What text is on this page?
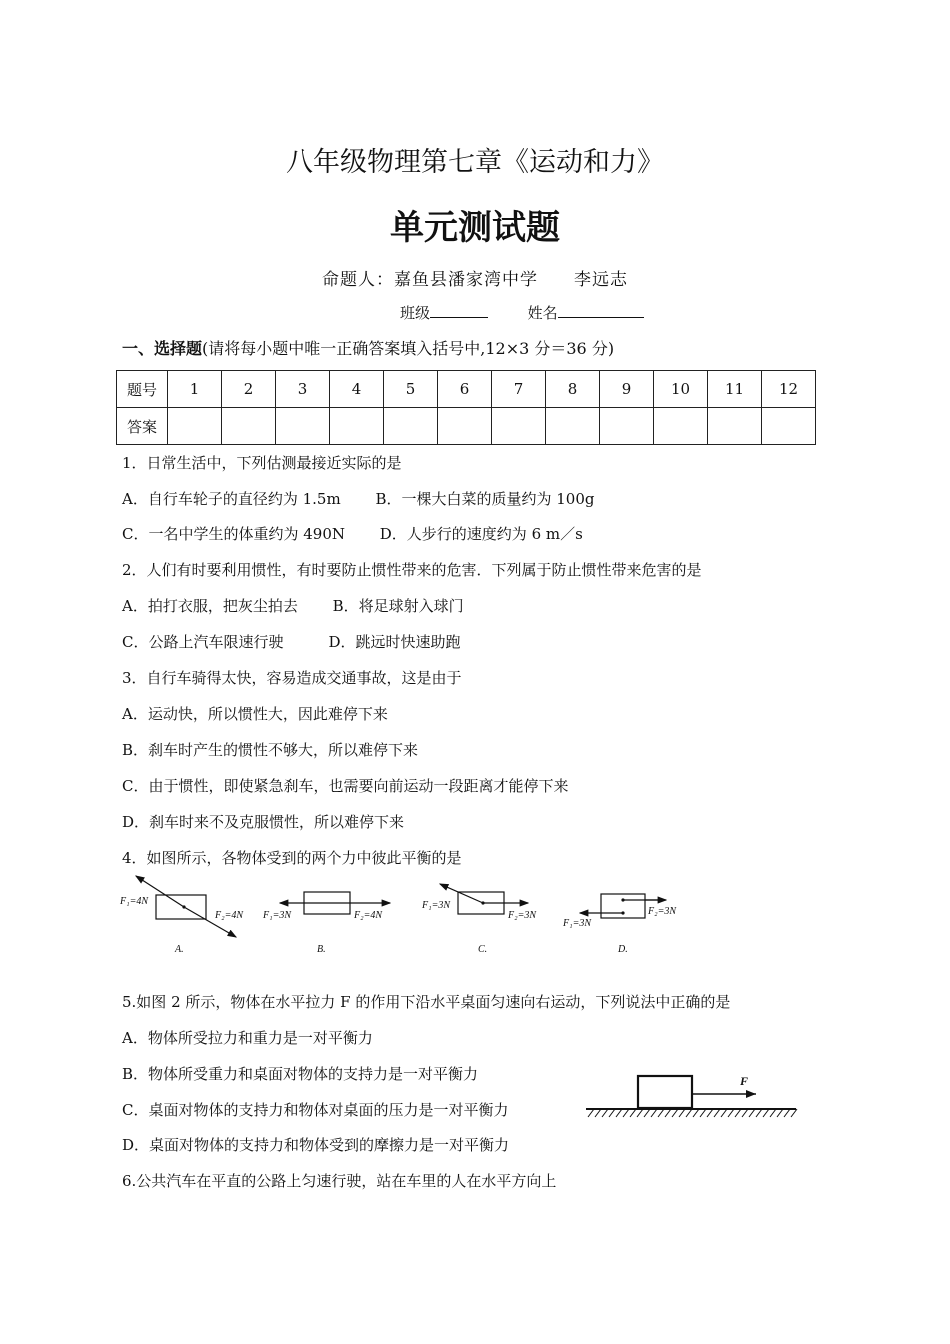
八年级物理第七章《运动和力》
单元测试题
命题人：嘉鱼县潘家湾中学　　李远志
班级	姓名
一、选择题(请将每小题中唯一正确答案填入括号中,12×3 分＝36 分)
题号	1	2	3	4	5	6	7	8	9	10	11	12
答案												
1．日常生活中，下列估测最接近实际的是
A．自行车轮子的直径约为 1.5m　　 B．一棵大白菜的质量约为 100g
C．一名中学生的体重约为 490N　　 D．人步行的速度约为 6 m／s
2．人们有时要利用惯性，有时要防止惯性带来的危害．下列属于防止惯性带来危害的是
A．拍打衣服，把灰尘拍去　　 B．将足球射入球门
C．公路上汽车限速行驶　　　D．跳远时快速助跑
3．自行车骑得太快，容易造成交通事故，这是由于
A．运动快，所以惯性大，因此难停下来
B．刹车时产生的惯性不够大，所以难停下来
C．由于惯性，即使紧急刹车，也需要向前运动一段距离才能停下来
D．刹车时来不及克服惯性，所以难停下来
4．如图所示，各物体受到的两个力中彼此平衡的是
F₁=4N
F₂=4N
A.
F₁=3N	F₂=4N
B.
F₁=3N
F₂=3N
C.
F₁=3N
F₂=3N
D.
5.如图 2 所示，物体在水平拉力 F 的作用下沿水平桌面匀速向右运动，下列说法中正确的是
A．物体所受拉力和重力是一对平衡力
B．物体所受重力和桌面对物体的支持力是一对平衡力
C．桌面对物体的支持力和物体对桌面的压力是一对平衡力
D．桌面对物体的支持力和物体受到的摩擦力是一对平衡力
F
6.公共汽车在平直的公路上匀速行驶，站在车里的人在水平方向上
